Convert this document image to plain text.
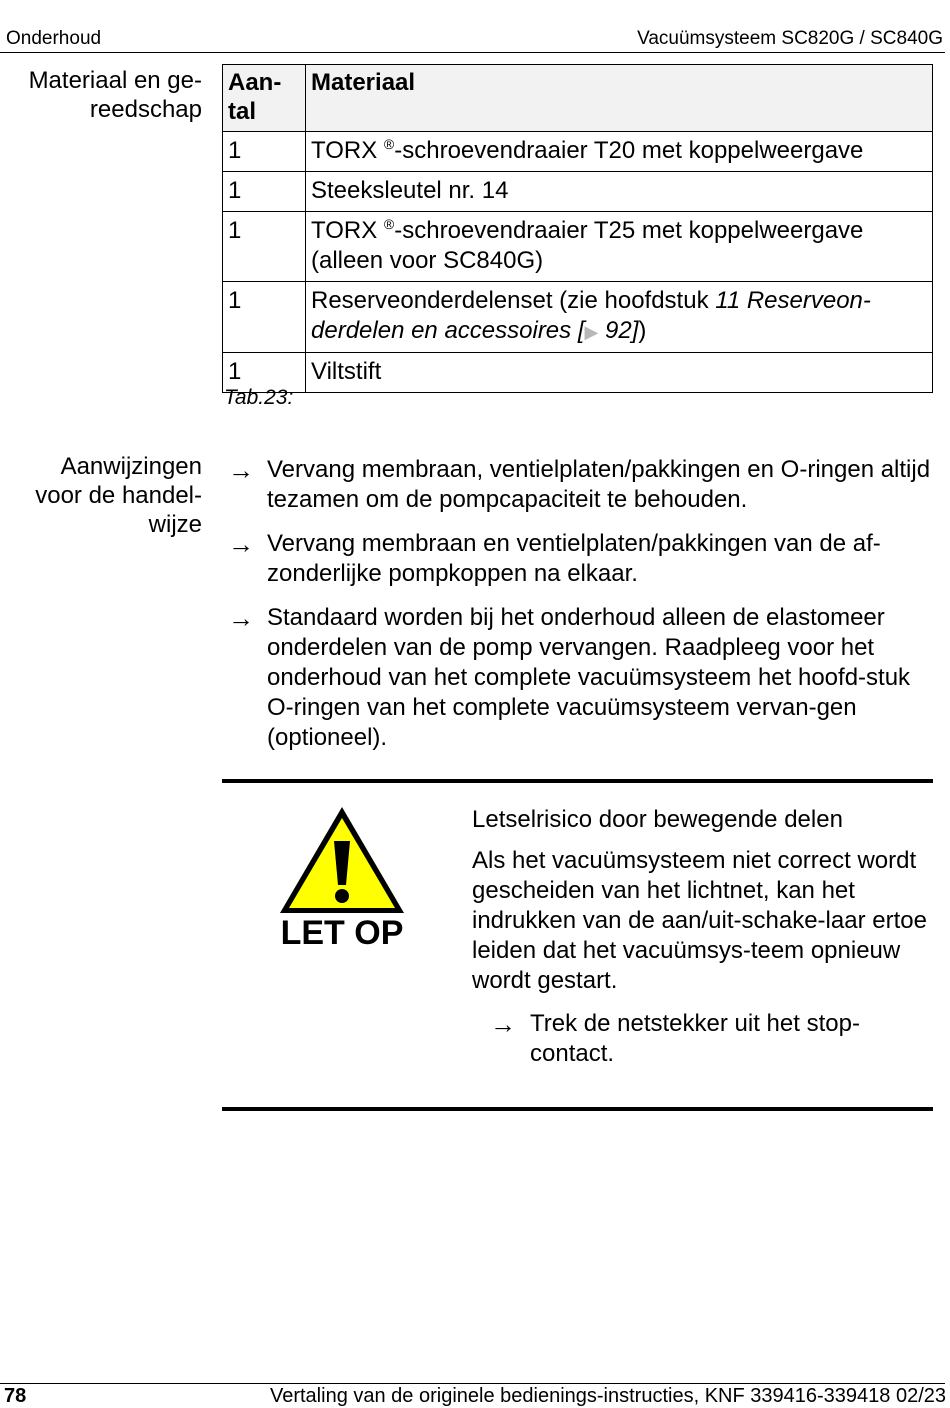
Onderhoud	Vacuümsysteem SC820G / SC840G
Materiaal en ge-
reedschap
Aan-
tal	Materiaal
1	TORX ®-schroevendraaier T20 met koppelweergave
1	Steeksleutel nr. 14
1	TORX ®-schroevendraaier T25 met koppelweergave (alleen voor SC840G)
1	Reserveonderdelenset (zie hoofdstuk 11 Reserveon-derdelen en accessoires [▶ 92])
1	Viltstift
Tab.23:
Aanwijzingen
voor de handel-
wijze
→ Vervang membraan, ventielplaten/pakkingen en O-ringen altijd tezamen om de pompcapaciteit te behouden.
→ Vervang membraan en ventielplaten/pakkingen van de af-zonderlijke pompkoppen na elkaar.
→ Standaard worden bij het onderhoud alleen de elastomeer onderdelen van de pomp vervangen. Raadpleeg voor het onderhoud van het complete vacuümsysteem het hoofd-stuk O-ringen van het complete vacuümsysteem vervan-gen (optioneel).
LET OP
Letselrisico door bewegende delen
Als het vacuümsysteem niet correct wordt gescheiden van het lichtnet, kan het indrukken van de aan/uit-schake-laar ertoe leiden dat het vacuümsys-teem opnieuw wordt gestart.
→ Trek de netstekker uit het stop-contact.
78	Vertaling van de originele bedienings-instructies, KNF 339416-339418 02/23
